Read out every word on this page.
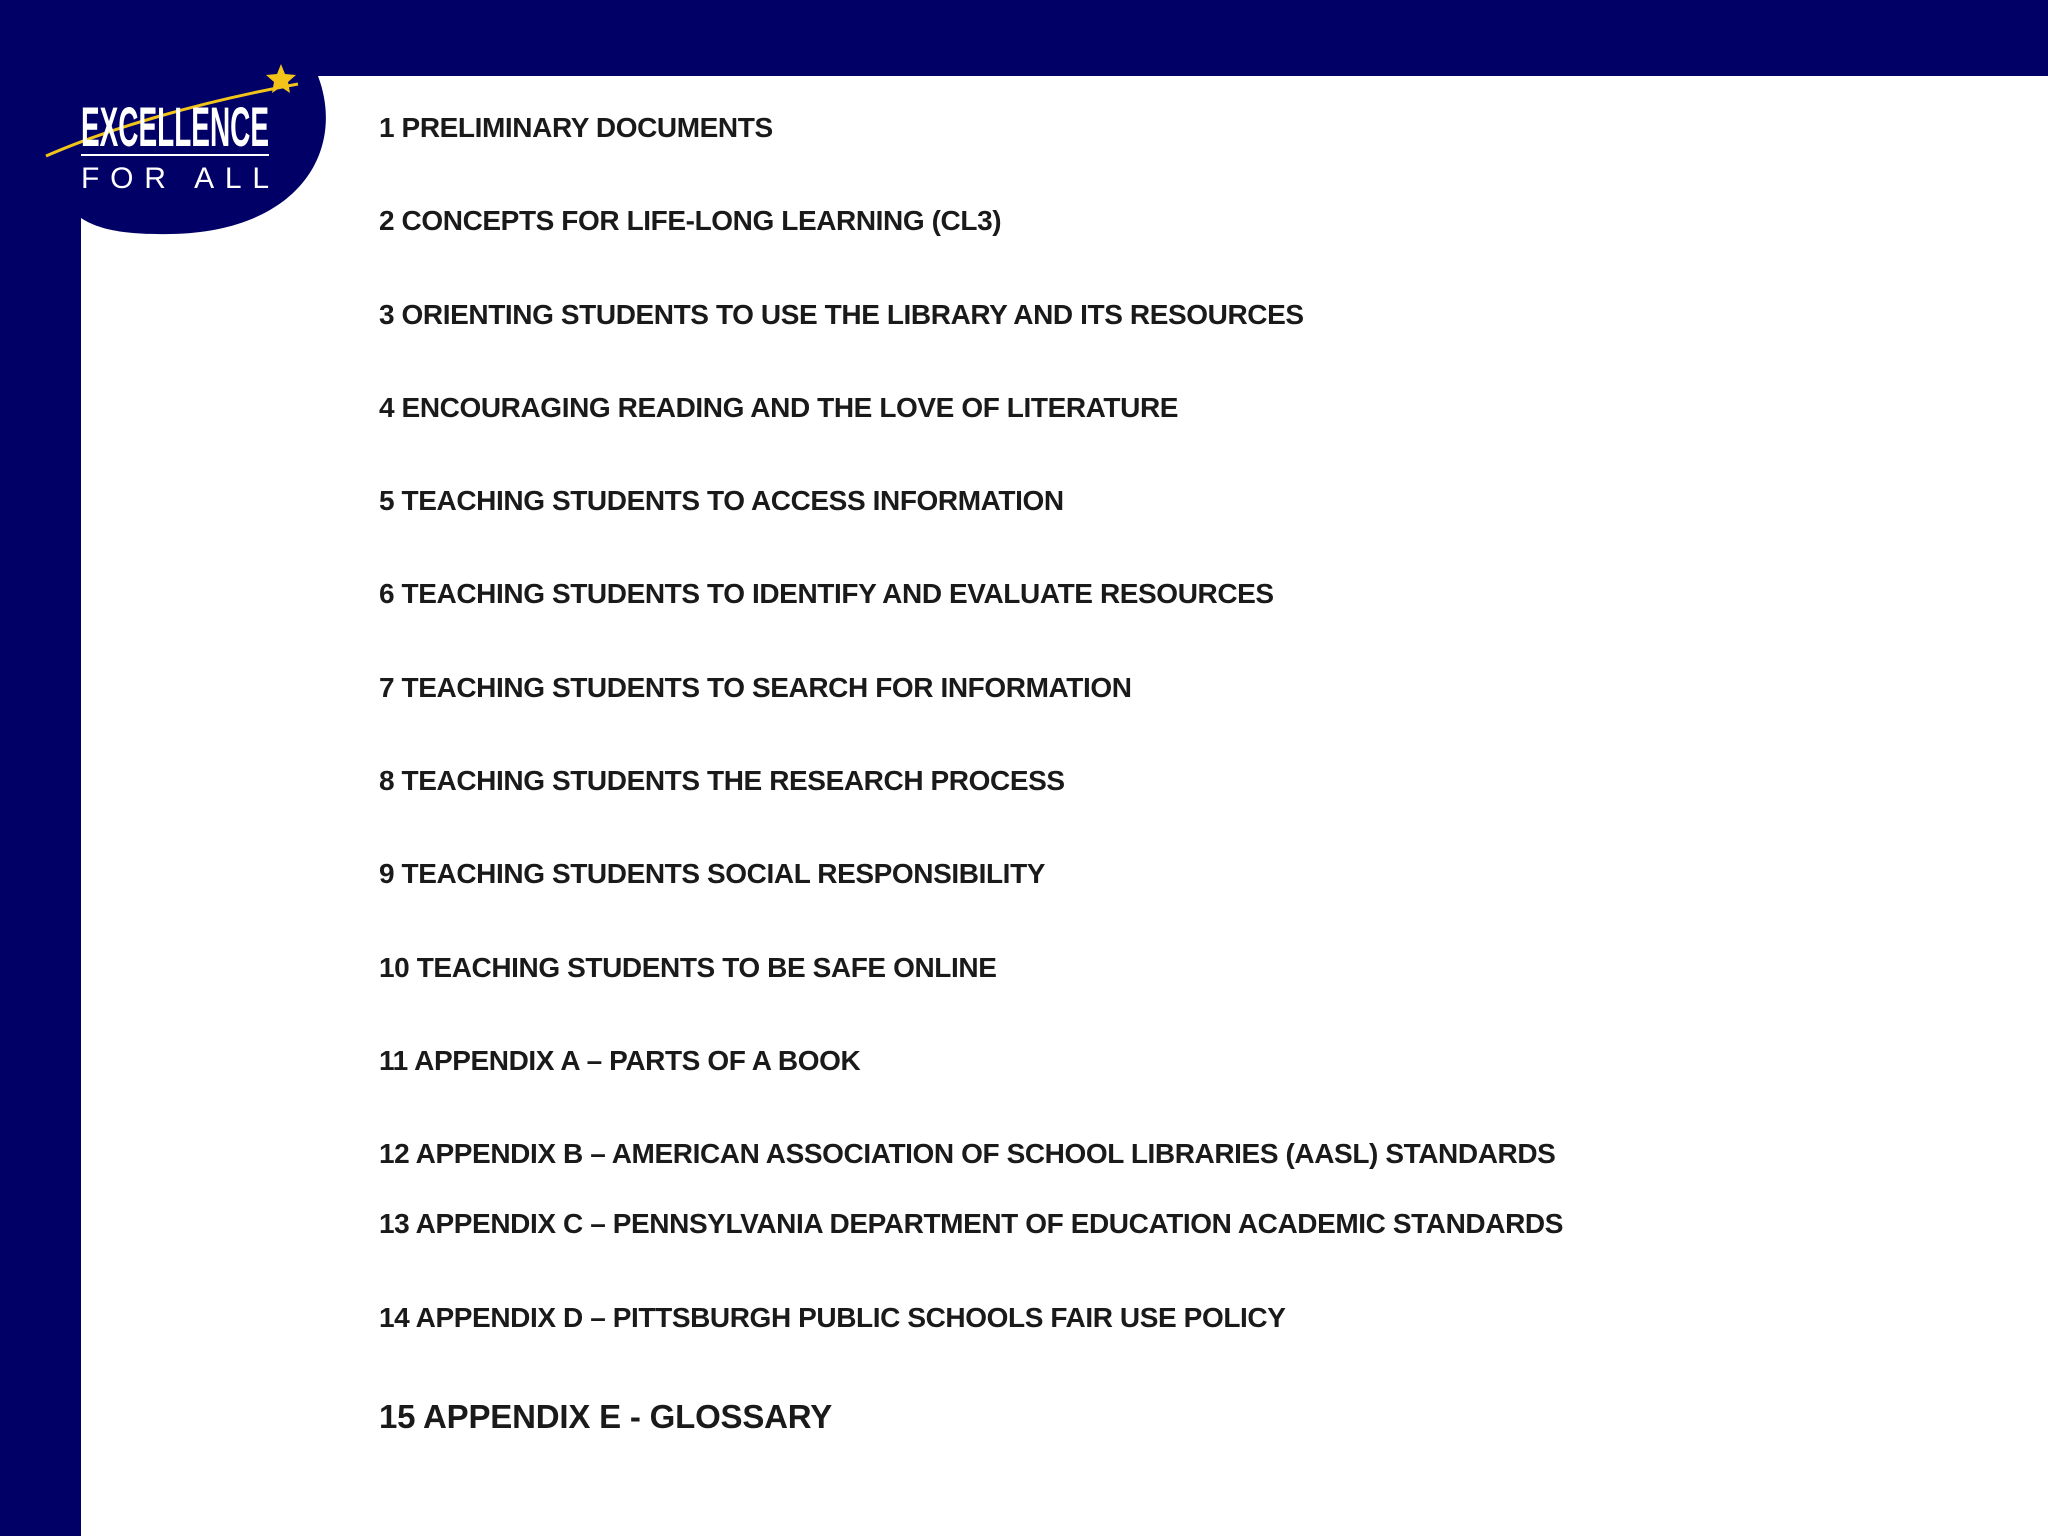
EXCELLENCE
FOR ALL
1 PRELIMINARY DOCUMENTS
2 CONCEPTS FOR LIFE-LONG LEARNING (CL3)
3 ORIENTING STUDENTS TO USE THE LIBRARY AND ITS RESOURCES
4 ENCOURAGING READING AND THE LOVE OF LITERATURE
5 TEACHING STUDENTS TO ACCESS INFORMATION
6 TEACHING STUDENTS TO IDENTIFY AND EVALUATE RESOURCES
7 TEACHING STUDENTS TO SEARCH FOR INFORMATION
8 TEACHING STUDENTS THE RESEARCH PROCESS
9 TEACHING STUDENTS SOCIAL RESPONSIBILITY
10 TEACHING STUDENTS TO BE SAFE ONLINE
11 APPENDIX A – PARTS OF A BOOK
12 APPENDIX B – AMERICAN ASSOCIATION OF SCHOOL LIBRARIES (AASL) STANDARDS
13 APPENDIX C – PENNSYLVANIA DEPARTMENT OF EDUCATION ACADEMIC STANDARDS
14 APPENDIX D – PITTSBURGH PUBLIC SCHOOLS FAIR USE POLICY
15 APPENDIX E - GLOSSARY
